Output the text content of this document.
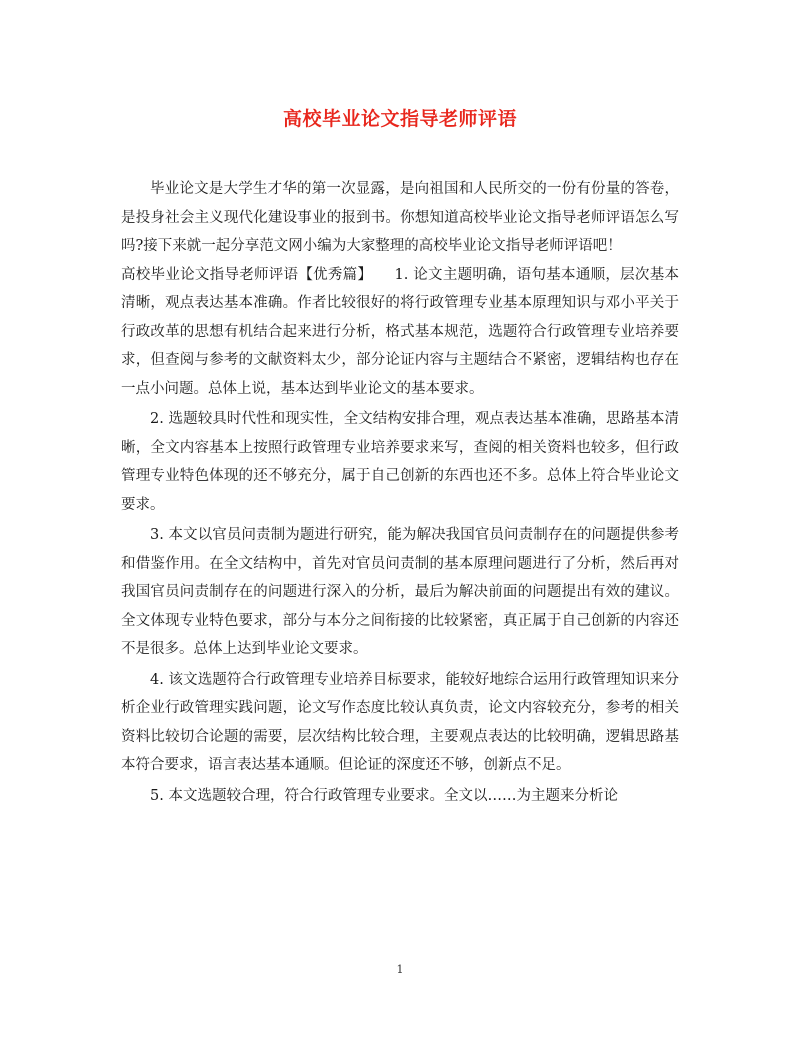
高校毕业论文指导老师评语

毕业论文是大学生才华的第一次显露，是向祖国和人民所交的一份有份量的答卷，是投身社会主义现代化建设事业的报到书。你想知道高校毕业论文指导老师评语怎么写吗?接下来就一起分享范文网小编为大家整理的高校毕业论文指导老师评语吧！

高校毕业论文指导老师评语【优秀篇】　　1. 论文主题明确，语句基本通顺，层次基本清晰，观点表达基本准确。作者比较很好的将行政管理专业基本原理知识与邓小平关于行政改革的思想有机结合起来进行分析，格式基本规范，选题符合行政管理专业培养要求，但查阅与参考的文献资料太少，部分论证内容与主题结合不紧密，逻辑结构也存在一点小问题。总体上说，基本达到毕业论文的基本要求。

2. 选题较具时代性和现实性，全文结构安排合理，观点表达基本准确，思路基本清晰，全文内容基本上按照行政管理专业培养要求来写，查阅的相关资料也较多，但行政管理专业特色体现的还不够充分，属于自己创新的东西也还不多。总体上符合毕业论文要求。

3. 本文以官员问责制为题进行研究，能为解决我国官员问责制存在的问题提供参考和借鉴作用。在全文结构中，首先对官员问责制的基本原理问题进行了分析，然后再对我国官员问责制存在的问题进行深入的分析，最后为解决前面的问题提出有效的建议。全文体现专业特色要求，部分与本分之间衔接的比较紧密，真正属于自己创新的内容还不是很多。总体上达到毕业论文要求。

4. 该文选题符合行政管理专业培养目标要求，能较好地综合运用行政管理知识来分析企业行政管理实践问题，论文写作态度比较认真负责，论文内容较充分，参考的相关资料比较切合论题的需要，层次结构比较合理，主要观点表达的比较明确，逻辑思路基本符合要求，语言表达基本通顺。但论证的深度还不够，创新点不足。

5. 本文选题较合理，符合行政管理专业要求。全文以……为主题来分析论

1
